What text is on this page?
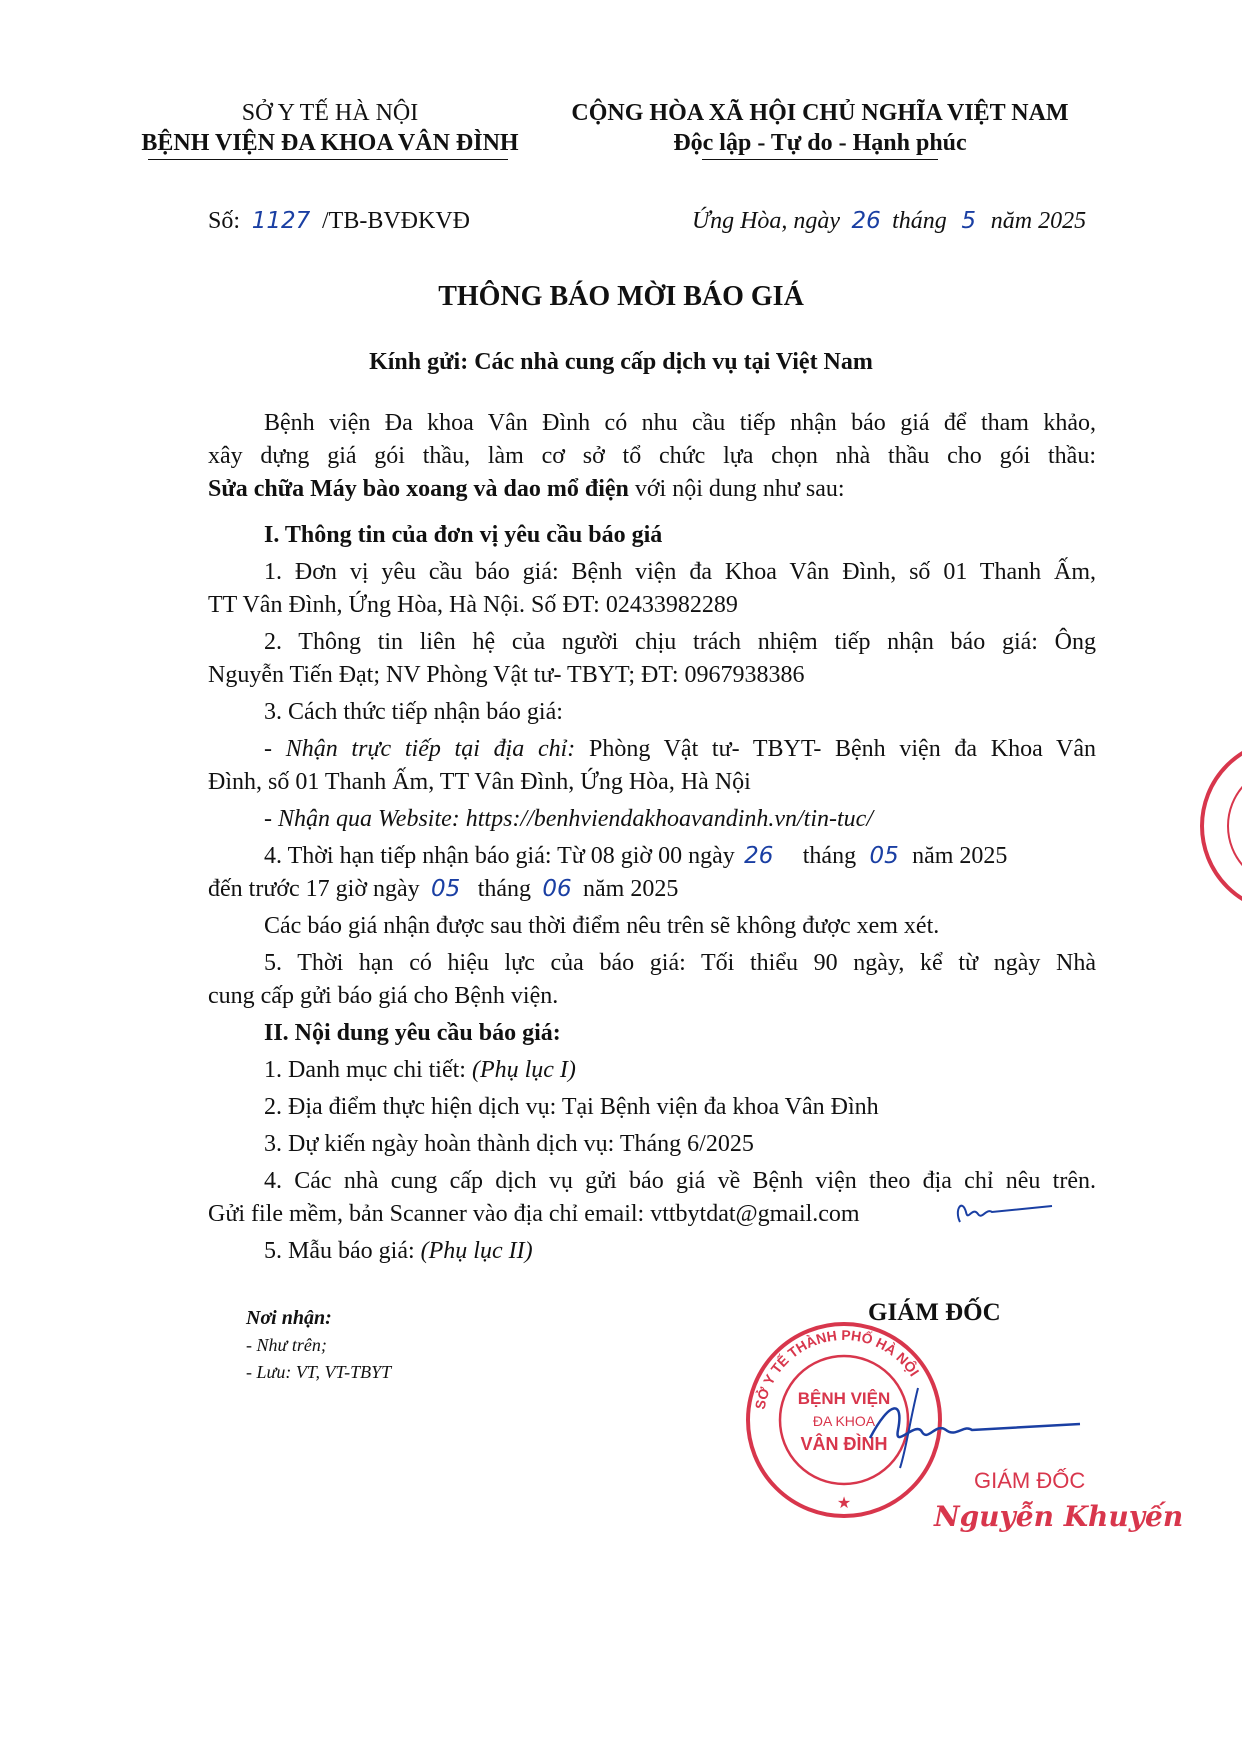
SỞ Y TẾ HÀ NỘI
BỆNH VIỆN ĐA KHOA VÂN ĐÌNH
CỘNG HÒA XÃ HỘI CHỦ NGHĨA VIỆT NAM
Độc lập - Tự do - Hạnh phúc
Số: 1127 /TB-BVĐKVĐ	Ứng Hòa, ngày 26 tháng 5 năm 2025
THÔNG BÁO MỜI BÁO GIÁ
Kính gửi: Các nhà cung cấp dịch vụ tại Việt Nam
Bệnh viện Đa khoa Vân Đình có nhu cầu tiếp nhận báo giá để tham khảo,
xây dựng giá gói thầu, làm cơ sở tổ chức lựa chọn nhà thầu cho gói thầu:
Sửa chữa Máy bào xoang và dao mổ điện với nội dung như sau:
I. Thông tin của đơn vị yêu cầu báo giá
1. Đơn vị yêu cầu báo giá: Bệnh viện đa Khoa Vân Đình, số 01 Thanh Ấm,
TT Vân Đình, Ứng Hòa, Hà Nội. Số ĐT: 02433982289
2. Thông tin liên hệ của người chịu trách nhiệm tiếp nhận báo giá: Ông
Nguyễn Tiến Đạt; NV Phòng Vật tư- TBYT; ĐT: 0967938386
3. Cách thức tiếp nhận báo giá:
- Nhận trực tiếp tại địa chỉ: Phòng Vật tư- TBYT- Bệnh viện đa Khoa Vân
Đình, số 01 Thanh Ấm, TT Vân Đình, Ứng Hòa, Hà Nội
- Nhận qua Website: https://benhviendakhoavandinh.vn/tin-tuc/
4. Thời hạn tiếp nhận báo giá: Từ 08 giờ 00 ngày 26 tháng 05 năm 2025
đến trước 17 giờ ngày 05 tháng 06 năm 2025
Các báo giá nhận được sau thời điểm nêu trên sẽ không được xem xét.
5. Thời hạn có hiệu lực của báo giá: Tối thiểu 90 ngày, kể từ ngày Nhà
cung cấp gửi báo giá cho Bệnh viện.
II. Nội dung yêu cầu báo giá:
1. Danh mục chi tiết: (Phụ lục I)
2. Địa điểm thực hiện dịch vụ: Tại Bệnh viện đa khoa Vân Đình
3. Dự kiến ngày hoàn thành dịch vụ: Tháng 6/2025
4. Các nhà cung cấp dịch vụ gửi báo giá về Bệnh viện theo địa chỉ nêu trên.
Gửi file mềm, bản Scanner vào địa chỉ email: vttbytdat@gmail.com
5. Mẫu báo giá: (Phụ lục II)
Nơi nhận:
- Như trên;
- Lưu: VT, VT-TBYT
GIÁM ĐỐC
SỞ Y TẾ THÀNH PHỐ HÀ NỘI
BỆNH VIỆN
ĐA KHOA
VÂN ĐÌNH
★
GIÁM ĐỐC
Nguyễn Khuyến
